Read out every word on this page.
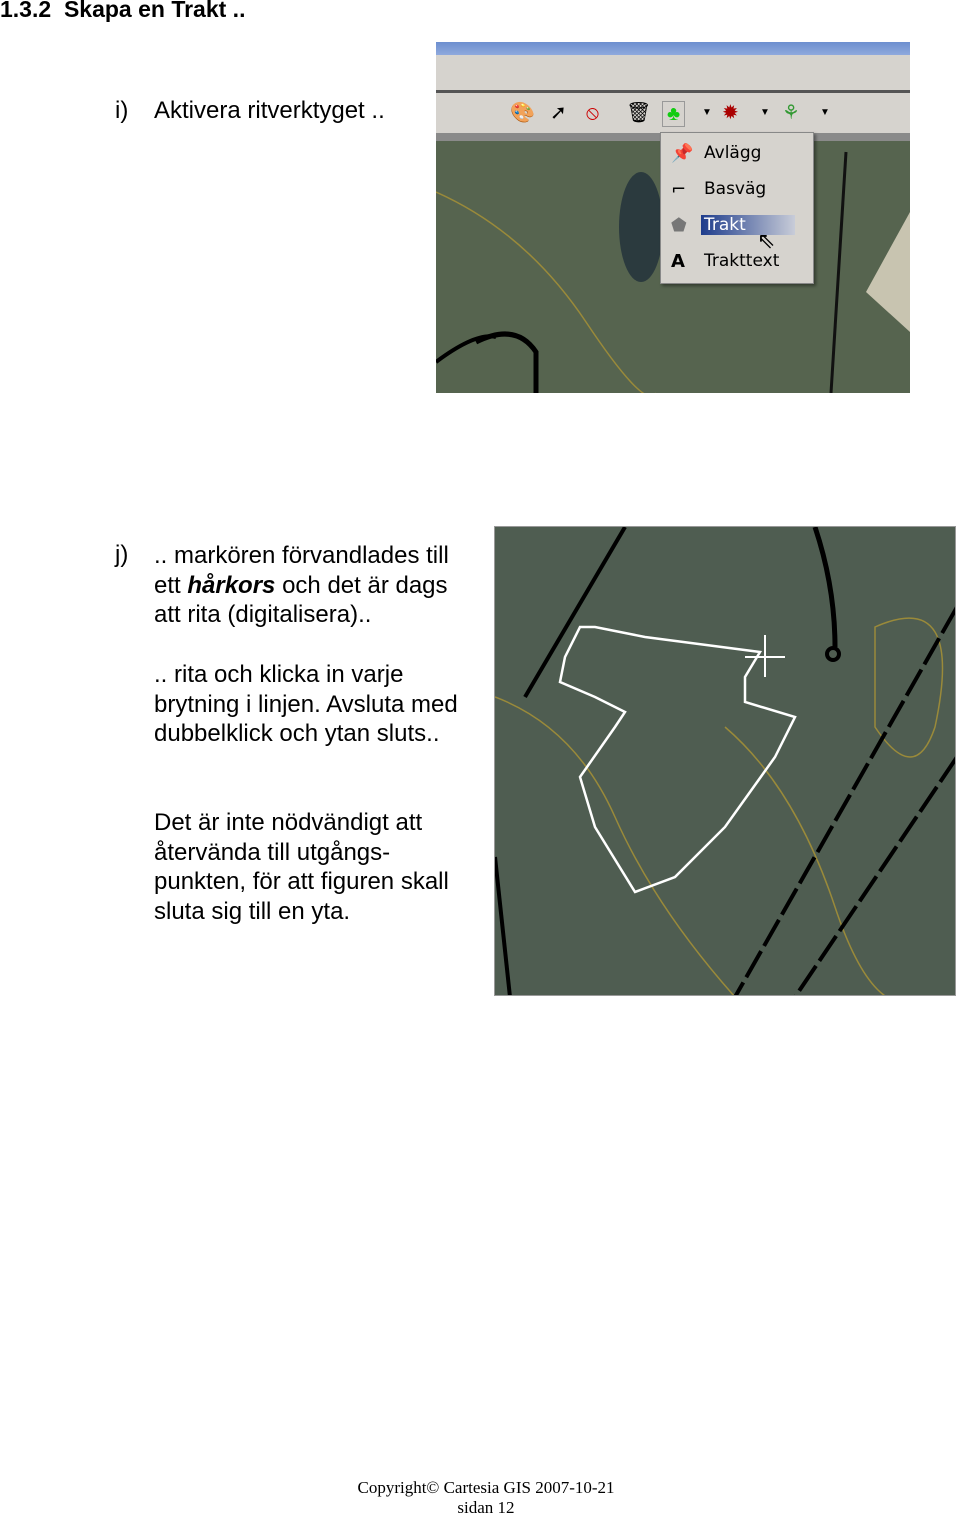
1.3.2 Skapa en Trakt ..
i) Aktivera ritverktyget ..	🎨 ➚ ⦸ 🗑 ♣	▼ ✹ ▼ ⚘ ▼
📌 Avlägg
⌐ Basväg
⬟ Trakt
A Trakttext
⇖
j) .. markören förvandlades till ett hårkors och det är dags att rita (digitalisera)..
.. rita och klicka in varje brytning i linjen. Avsluta med dubbelklick och ytan sluts..
Det är inte nödvändigt att återvända till utgångs-punkten, för att figuren skall sluta sig till en yta.
Copyright© Cartesia GIS 2007-10-21
sidan 12
